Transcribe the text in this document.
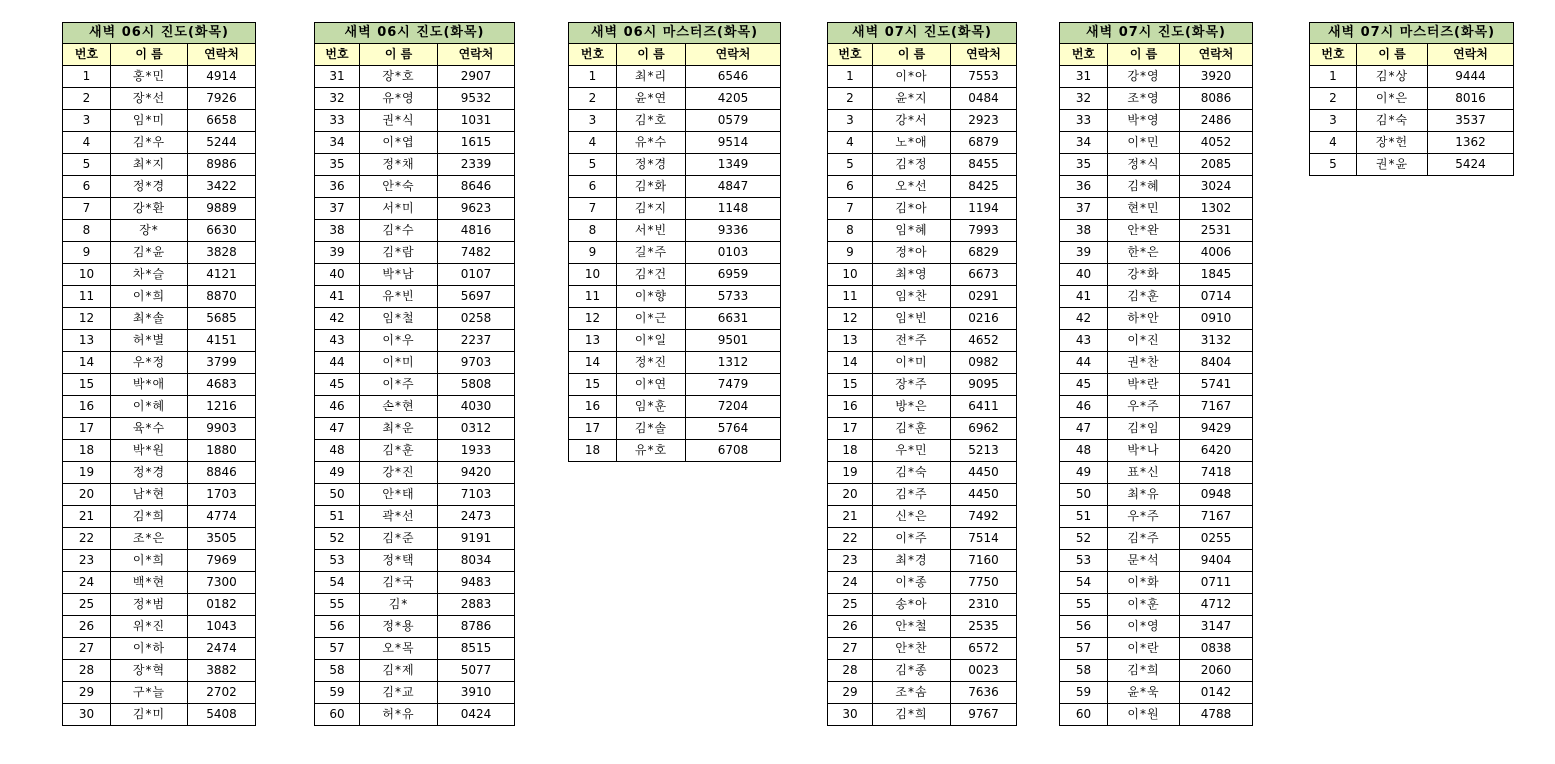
새벽 06시 진도(화목)		
번호	이 름	연락처
1	홍*민	4914
2	장*선	7926
3	임*미	6658
4	김*우	5244
5	최*지	8986
6	정*경	3422
7	강*환	9889
8	장*	6630
9	김*윤	3828
10	차*슬	4121
11	이*희	8870
12	최*솔	5685
13	허*별	4151
14	우*정	3799
15	박*애	4683
16	이*혜	1216
17	육*수	9903
18	박*원	1880
19	정*경	8846
20	남*현	1703
21	김*희	4774
22	조*은	3505
23	이*희	7969
24	백*현	7300
25	정*범	0182
26	위*진	1043
27	이*하	2474
28	장*혁	3882
29	구*늘	2702
30	김*미	5408
새벽 06시 진도(화목)		
번호	이 름	연락처
31	장*호	2907
32	유*영	9532
33	권*식	1031
34	이*엽	1615
35	정*채	2339
36	안*숙	8646
37	서*미	9623
38	김*수	4816
39	김*람	7482
40	박*남	0107
41	유*빈	5697
42	임*철	0258
43	이*우	2237
44	이*미	9703
45	이*주	5808
46	손*현	4030
47	최*운	0312
48	김*훈	1933
49	강*진	9420
50	안*태	7103
51	곽*선	2473
52	김*준	9191
53	정*택	8034
54	김*국	9483
55	김*	2883
56	정*용	8786
57	오*목	8515
58	김*제	5077
59	김*교	3910
60	허*유	0424
새벽 06시 마스터즈(화목)		
번호	이 름	연락처
1	최*리	6546
2	윤*연	4205
3	김*호	0579
4	유*수	9514
5	정*경	1349
6	김*화	4847
7	김*지	1148
8	서*빈	9336
9	길*주	0103
10	김*건	6959
11	이*향	5733
12	이*근	6631
13	이*일	9501
14	정*진	1312
15	이*연	7479
16	임*훈	7204
17	김*솔	5764
18	유*호	6708
새벽 07시 진도(화목)		
번호	이 름	연락처
1	이*아	7553
2	윤*지	0484
3	강*서	2923
4	노*애	6879
5	김*정	8455
6	오*선	8425
7	김*아	1194
8	임*혜	7993
9	정*아	6829
10	최*영	6673
11	임*찬	0291
12	임*빈	0216
13	전*주	4652
14	이*미	0982
15	장*주	9095
16	방*은	6411
17	김*훈	6962
18	우*민	5213
19	김*숙	4450
20	김*주	4450
21	신*은	7492
22	이*주	7514
23	최*경	7160
24	이*종	7750
25	송*아	2310
26	안*철	2535
27	안*찬	6572
28	김*종	0023
29	조*솜	7636
30	김*희	9767
새벽 07시 진도(화목)		
번호	이 름	연락처
31	강*영	3920
32	조*영	8086
33	박*영	2486
34	이*민	4052
35	정*식	2085
36	김*혜	3024
37	현*민	1302
38	안*완	2531
39	한*은	4006
40	강*화	1845
41	김*훈	0714
42	하*안	0910
43	이*진	3132
44	권*찬	8404
45	박*란	5741
46	우*주	7167
47	김*임	9429
48	박*나	6420
49	표*신	7418
50	최*유	0948
51	우*주	7167
52	김*주	0255
53	문*석	9404
54	이*화	0711
55	이*훈	4712
56	이*영	3147
57	이*란	0838
58	김*희	2060
59	윤*욱	0142
60	이*원	4788
새벽 07시 마스터즈(화목)		
번호	이 름	연락처
1	김*상	9444
2	이*은	8016
3	김*숙	3537
4	장*헌	1362
5	권*윤	5424
